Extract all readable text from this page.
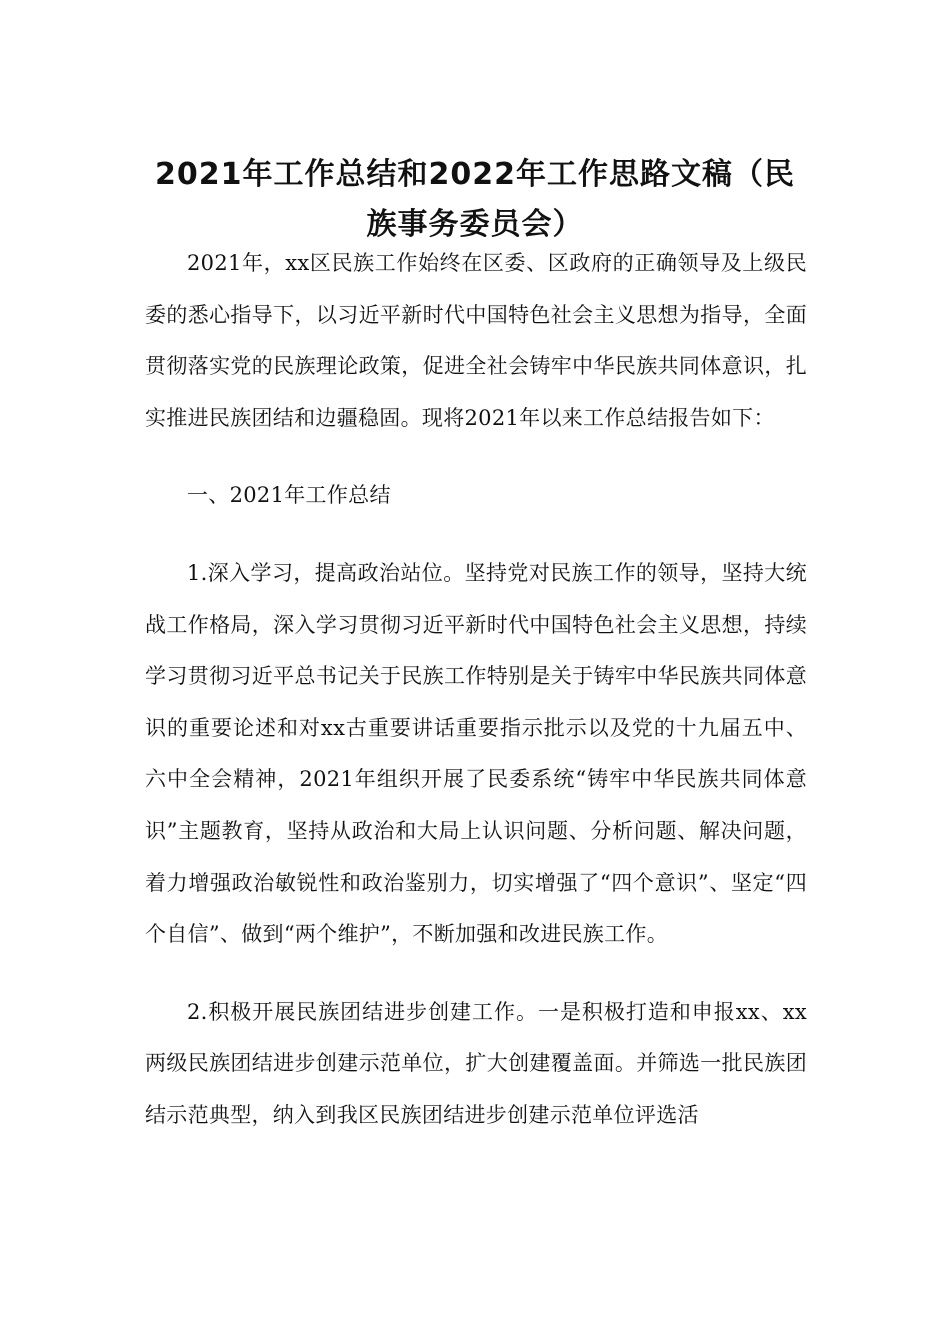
2021年工作总结和2022年工作思路文稿（民族事务委员会）

2021年，xx区民族工作始终在区委、区政府的正确领导及上级民委的悉心指导下，以习近平新时代中国特色社会主义思想为指导，全面贯彻落实党的民族理论政策，促进全社会铸牢中华民族共同体意识，扎实推进民族团结和边疆稳固。现将2021年以来工作总结报告如下：

一、2021年工作总结

1.深入学习，提高政治站位。坚持党对民族工作的领导，坚持大统战工作格局，深入学习贯彻习近平新时代中国特色社会主义思想，持续学习贯彻习近平总书记关于民族工作特别是关于铸牢中华民族共同体意识的重要论述和对xx古重要讲话重要指示批示以及党的十九届五中、六中全会精神，2021年组织开展了民委系统“铸牢中华民族共同体意识”主题教育，坚持从政治和大局上认识问题、分析问题、解决问题，着力增强政治敏锐性和政治鉴别力，切实增强了“四个意识”、坚定“四个自信”、做到“两个维护”，不断加强和改进民族工作。

2.积极开展民族团结进步创建工作。一是积极打造和申报xx、xx两级民族团结进步创建示范单位，扩大创建覆盖面。并筛选一批民族团结示范典型，纳入到我区民族团结进步创建示范单位评选活
